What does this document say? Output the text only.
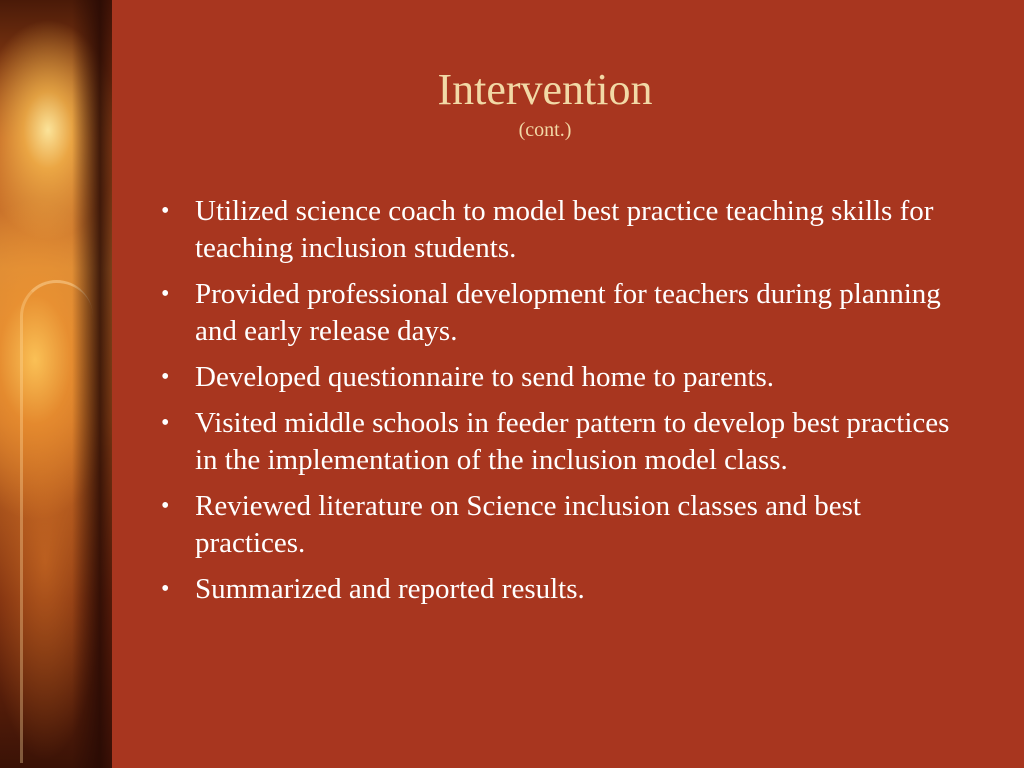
Intervention
(cont.)
• Utilized science coach to model best practice teaching skills for teaching inclusion students.
• Provided professional development for teachers during planning and early release days.
• Developed questionnaire to send home to parents.
• Visited middle schools in feeder pattern to develop best practices in the implementation of the inclusion model class.
• Reviewed literature on Science inclusion classes and best practices.
• Summarized and reported results.
